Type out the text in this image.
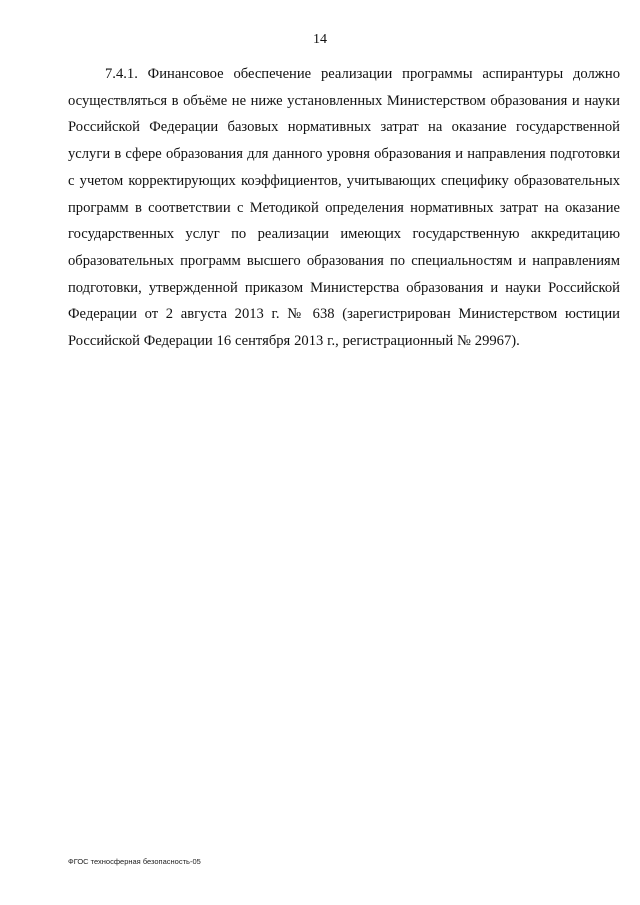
14

7.4.1. Финансовое обеспечение реализации программы аспирантуры должно осуществляться в объёме не ниже установленных Министерством образования и науки Российской Федерации базовых нормативных затрат на оказание государственной услуги в сфере образования для данного уровня образования и направления подготовки с учетом корректирующих коэффициентов, учитывающих специфику образовательных программ в соответствии с Методикой определения нормативных затрат на оказание государственных услуг по реализации имеющих государственную аккредитацию образовательных программ высшего образования по специальностям и направлениям подготовки, утвержденной приказом Министерства образования и науки Российской Федерации от 2 августа 2013 г. № 638 (зарегистрирован Министерством юстиции Российской Федерации 16 сентября 2013 г., регистрационный № 29967).

ФГОС техносферная безопасность-05
